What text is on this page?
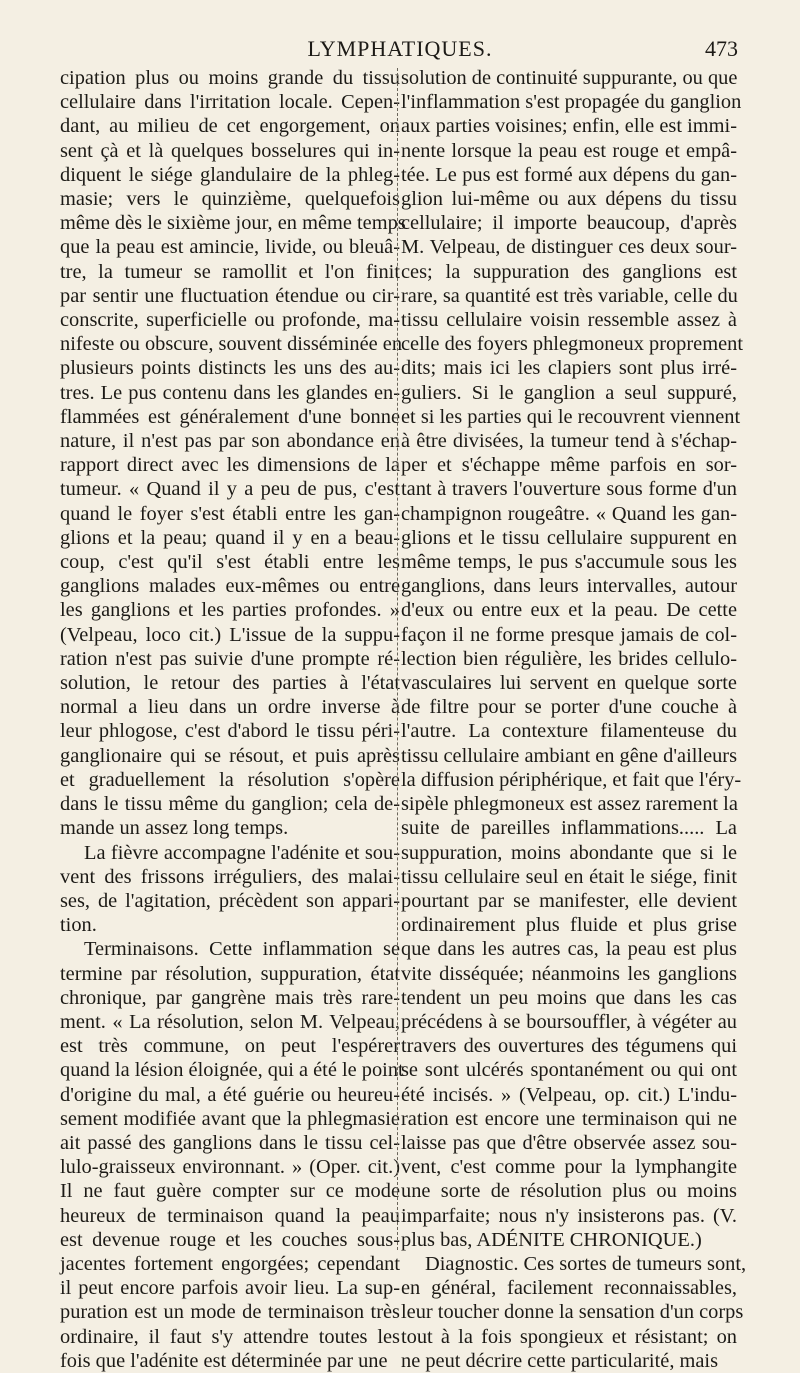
LYMPHATIQUES.	473
cipation plus ou moins grande du tissu
cellulaire dans l'irritation locale. Cepen-
dant, au milieu de cet engorgement, on
sent çà et là quelques bosselures qui in-
diquent le siége glandulaire de la phleg-
masie; vers le quinzième, quelquefois
même dès le sixième jour, en même temps
que la peau est amincie, livide, ou bleuâ-
tre, la tumeur se ramollit et l'on finit
par sentir une fluctuation étendue ou cir-
conscrite, superficielle ou profonde, ma-
nifeste ou obscure, souvent disséminée en
plusieurs points distincts les uns des au-
tres. Le pus contenu dans les glandes en-
flammées est généralement d'une bonne
nature, il n'est pas par son abondance en
rapport direct avec les dimensions de la
tumeur. « Quand il y a peu de pus, c'est
quand le foyer s'est établi entre les gan-
glions et la peau; quand il y en a beau-
coup, c'est qu'il s'est établi entre les
ganglions malades eux-mêmes ou entre
les ganglions et les parties profondes. »
(Velpeau, loco cit.) L'issue de la suppu-
ration n'est pas suivie d'une prompte ré-
solution, le retour des parties à l'état
normal a lieu dans un ordre inverse à
leur phlogose, c'est d'abord le tissu péri-
ganglionaire qui se résout, et puis après
et graduellement la résolution s'opère
dans le tissu même du ganglion; cela de-
mande un assez long temps.
La fièvre accompagne l'adénite et sou-
vent des frissons irréguliers, des malai-
ses, de l'agitation, précèdent son appari-
tion.
Terminaisons. Cette inflammation se
termine par résolution, suppuration, état
chronique, par gangrène mais très rare-
ment. « La résolution, selon M. Velpeau,
est très commune, on peut l'espérer
quand la lésion éloignée, qui a été le point
d'origine du mal, a été guérie ou heureu-
sement modifiée avant que la phlegmasie
ait passé des ganglions dans le tissu cel-
lulo-graisseux environnant. » (Oper. cit.)
Il ne faut guère compter sur ce mode
heureux de terminaison quand la peau
est devenue rouge et les couches sous-
jacentes fortement engorgées; cependant
il peut encore parfois avoir lieu. La sup-
puration est un mode de terminaison très
ordinaire, il faut s'y attendre toutes les
fois que l'adénite est déterminée par une
solution de continuité suppurante, ou que
l'inflammation s'est propagée du ganglion
aux parties voisines; enfin, elle est immi-
nente lorsque la peau est rouge et empâ-
tée. Le pus est formé aux dépens du gan-
glion lui-même ou aux dépens du tissu
cellulaire; il importe beaucoup, d'après
M. Velpeau, de distinguer ces deux sour-
ces; la suppuration des ganglions est
rare, sa quantité est très variable, celle du
tissu cellulaire voisin ressemble assez à
celle des foyers phlegmoneux proprement
dits; mais ici les clapiers sont plus irré-
guliers. Si le ganglion a seul suppuré,
et si les parties qui le recouvrent viennent
à être divisées, la tumeur tend à s'échap-
per et s'échappe même parfois en sor-
tant à travers l'ouverture sous forme d'un
champignon rougeâtre. « Quand les gan-
glions et le tissu cellulaire suppurent en
même temps, le pus s'accumule sous les
ganglions, dans leurs intervalles, autour
d'eux ou entre eux et la peau. De cette
façon il ne forme presque jamais de col-
lection bien régulière, les brides cellulo-
vasculaires lui servent en quelque sorte
de filtre pour se porter d'une couche à
l'autre. La contexture filamenteuse du
tissu cellulaire ambiant en gêne d'ailleurs
la diffusion périphérique, et fait que l'éry-
sipèle phlegmoneux est assez rarement la
suite de pareilles inflammations..... La
suppuration, moins abondante que si le
tissu cellulaire seul en était le siége, finit
pourtant par se manifester, elle devient
ordinairement plus fluide et plus grise
que dans les autres cas, la peau est plus
vite disséquée; néanmoins les ganglions
tendent un peu moins que dans les cas
précédens à se boursouffler, à végéter au
travers des ouvertures des tégumens qui
se sont ulcérés spontanément ou qui ont
été incisés. » (Velpeau, op. cit.) L'indu-
ration est encore une terminaison qui ne
laisse pas que d'être observée assez sou-
vent, c'est comme pour la lymphangite
une sorte de résolution plus ou moins
imparfaite; nous n'y insisterons pas. (V.
plus bas, ADÉNITE CHRONIQUE.)
Diagnostic. Ces sortes de tumeurs sont,
en général, facilement reconnaissables,
leur toucher donne la sensation d'un corps
tout à la fois spongieux et résistant; on
ne peut décrire cette particularité, mais
